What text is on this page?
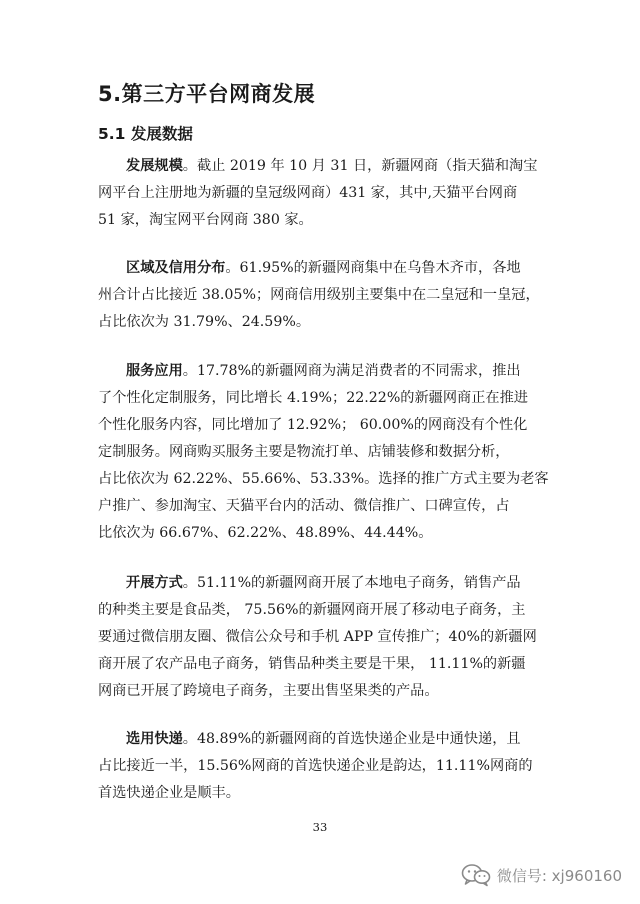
5.第三方平台网商发展
5.1 发展数据
发展规模。截止 2019 年 10 月 31 日，新疆网商（指天猫和淘宝
网平台上注册地为新疆的皇冠级网商）431 家，其中,天猫平台网商
51 家，淘宝网平台网商 380 家。
区域及信用分布。61.95%的新疆网商集中在乌鲁木齐市，各地
州合计占比接近 38.05%；网商信用级别主要集中在二皇冠和一皇冠，
占比依次为 31.79%、24.59%。
服务应用。17.78%的新疆网商为满足消费者的不同需求，推出
了个性化定制服务，同比增长 4.19%；22.22%的新疆网商正在推进
个性化服务内容，同比增加了 12.92%； 60.00%的网商没有个性化
定制服务。网商购买服务主要是物流打单、店铺装修和数据分析，
占比依次为 62.22%、55.66%、53.33%。选择的推广方式主要为老客
户推广、参加淘宝、天猫平台内的活动、微信推广、口碑宣传，占
比依次为 66.67%、62.22%、48.89%、44.44%。
开展方式。51.11%的新疆网商开展了本地电子商务，销售产品
的种类主要是食品类， 75.56%的新疆网商开展了移动电子商务，主
要通过微信朋友圈、微信公众号和手机 APP 宣传推广；40%的新疆网
商开展了农产品电子商务，销售品种类主要是干果， 11.11%的新疆
网商已开展了跨境电子商务，主要出售坚果类的产品。
选用快递。48.89%的新疆网商的首选快递企业是中通快递，且
占比接近一半，15.56%网商的首选快递企业是韵达，11.11%网商的
首选快递企业是顺丰。
33
微信号: xj960160
